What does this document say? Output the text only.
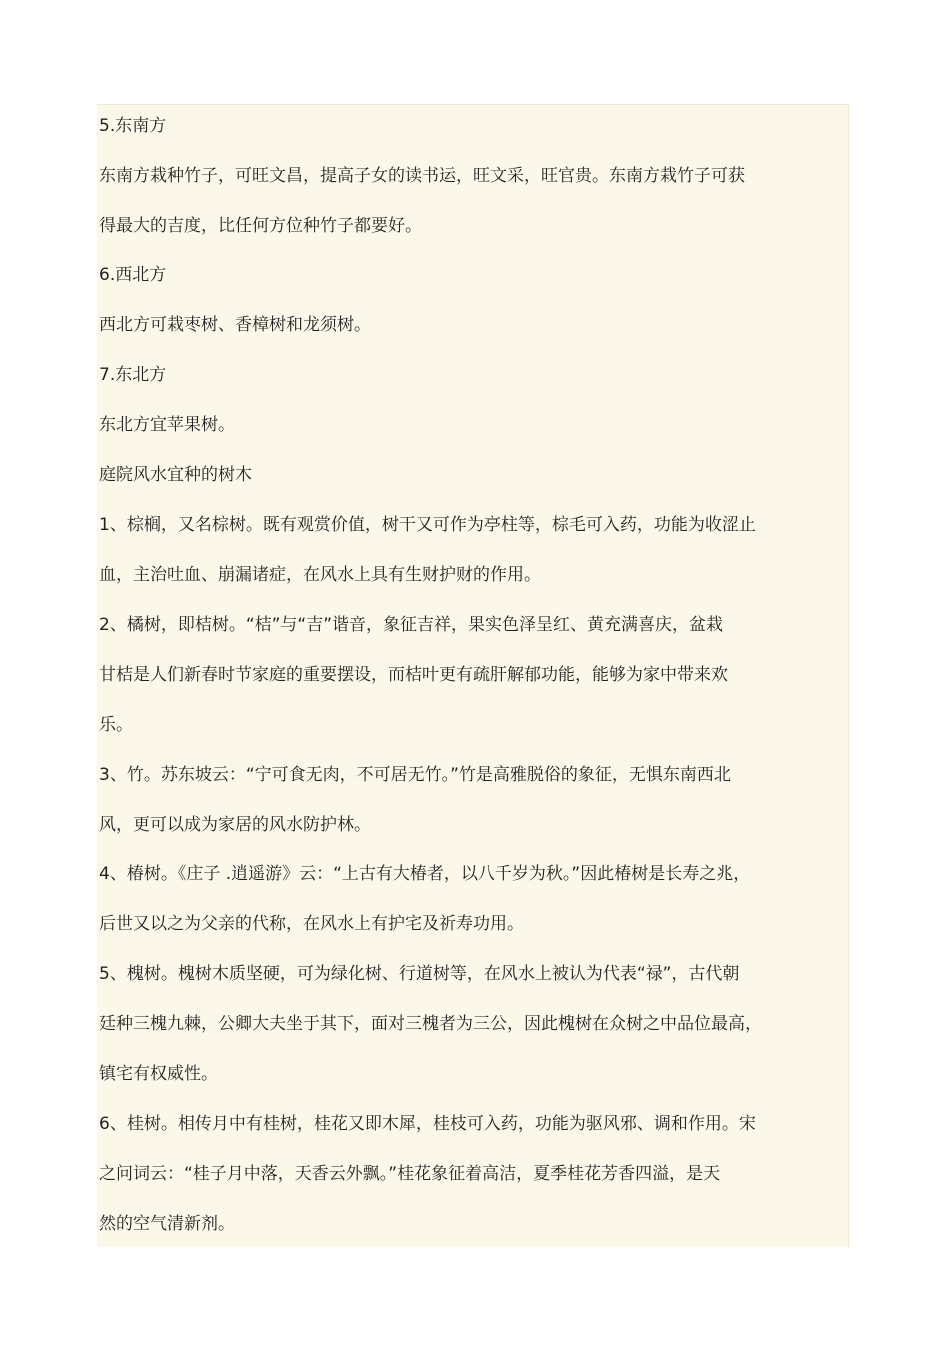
5.东南方
东南方栽种竹子，可旺文昌，提高子女的读书运，旺文采，旺官贵。东南方栽竹子可获
得最大的吉度，比任何方位种竹子都要好。
6.西北方
西北方可栽枣树、香樟树和龙须树。
7.东北方
东北方宜苹果树。
庭院风水宜种的树木
1、棕榈，又名棕树。既有观赏价值，树干又可作为亭柱等，棕毛可入药，功能为收涩止
血，主治吐血、崩漏诸症，在风水上具有生财护财的作用。
2、橘树，即桔树。“桔”与“吉”谐音，象征吉祥，果实色泽呈红、黄充满喜庆，盆栽
甘桔是人们新春时节家庭的重要摆设，而桔叶更有疏肝解郁功能，能够为家中带来欢
乐。
3、竹。苏东坡云：“宁可食无肉，不可居无竹。”竹是高雅脱俗的象征，无惧东南西北
风，更可以成为家居的风水防护林。
4、椿树。《庄子 .逍遥游》云：“上古有大椿者，以八千岁为秋。”因此椿树是长寿之兆，
后世又以之为父亲的代称，在风水上有护宅及祈寿功用。
5、槐树。槐树木质坚硬，可为绿化树、行道树等，在风水上被认为代表“禄”，古代朝
廷种三槐九棘，公卿大夫坐于其下，面对三槐者为三公，因此槐树在众树之中品位最高，
镇宅有权威性。
6、桂树。相传月中有桂树，桂花又即木犀，桂枝可入药，功能为驱风邪、调和作用。宋
之问词云：“桂子月中落，天香云外飘。”桂花象征着高洁，夏季桂花芳香四溢，是天
然的空气清新剂。
